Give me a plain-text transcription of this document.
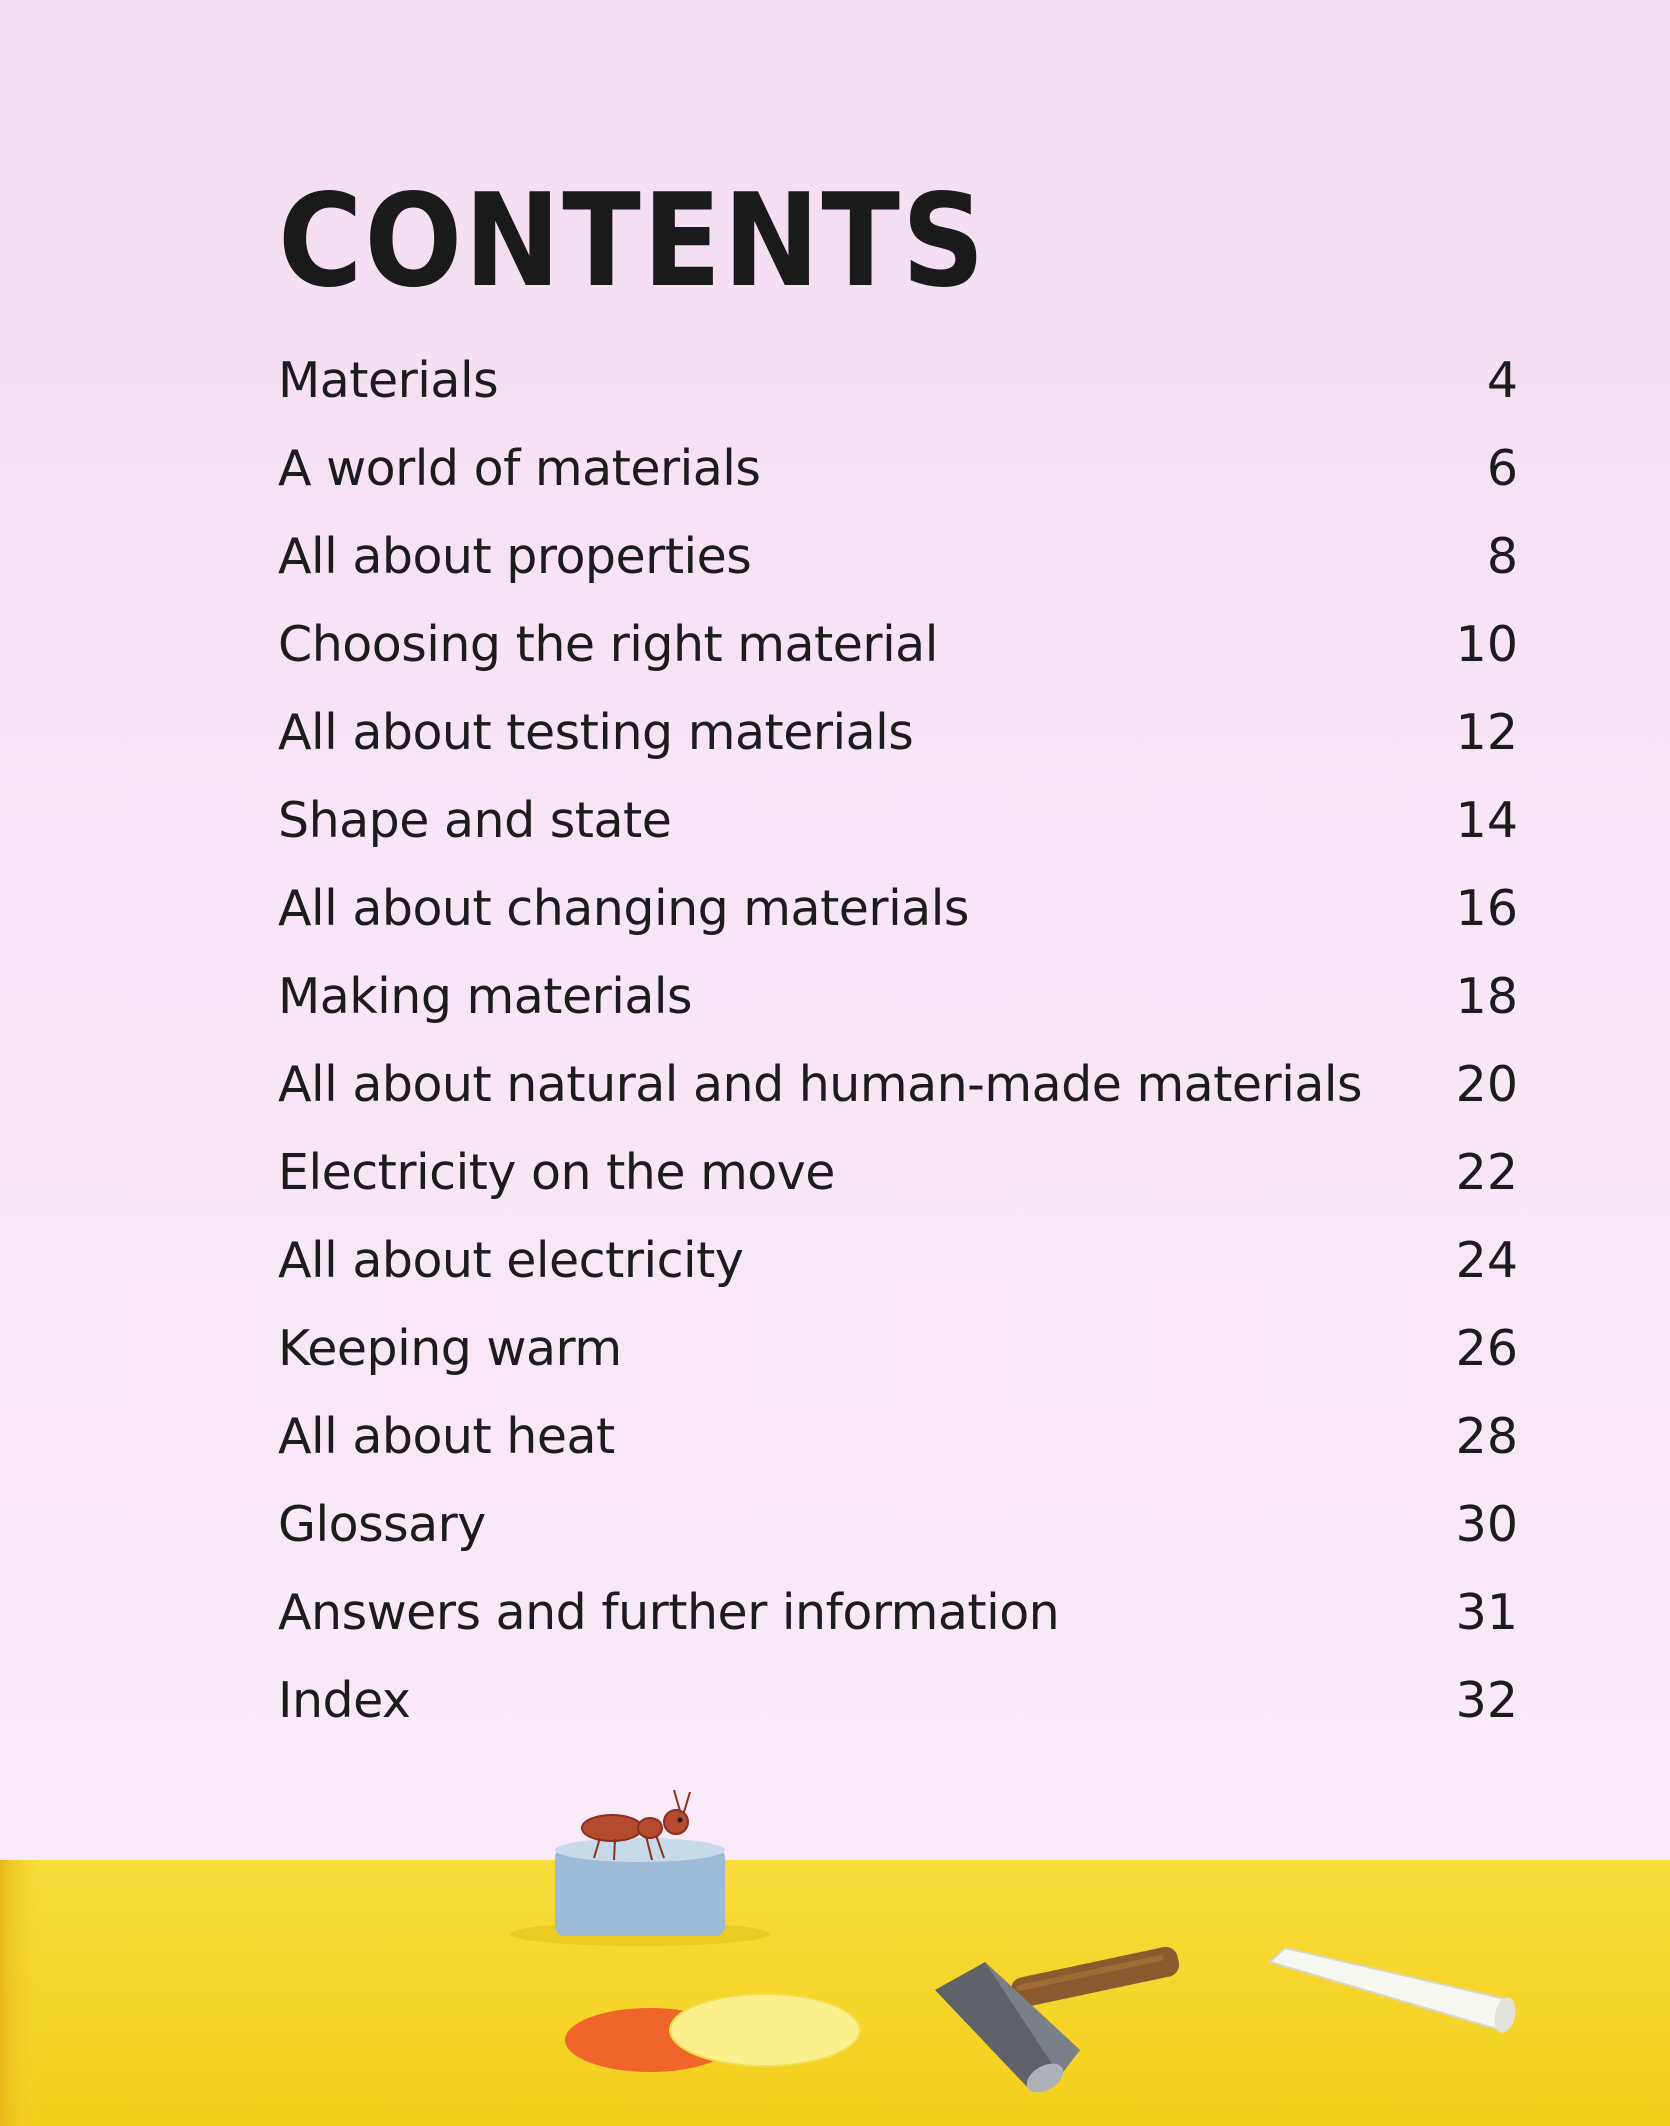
CONTENTS
Materials	4
A world of materials	6
All about properties	8
Choosing the right material	10
All about testing materials	12
Shape and state	14
All about changing materials	16
Making materials	18
All about natural and human-made materials	20
Electricity on the move	22
All about electricity	24
Keeping warm	26
All about heat	28
Glossary	30
Answers and further information	31
Index	32
